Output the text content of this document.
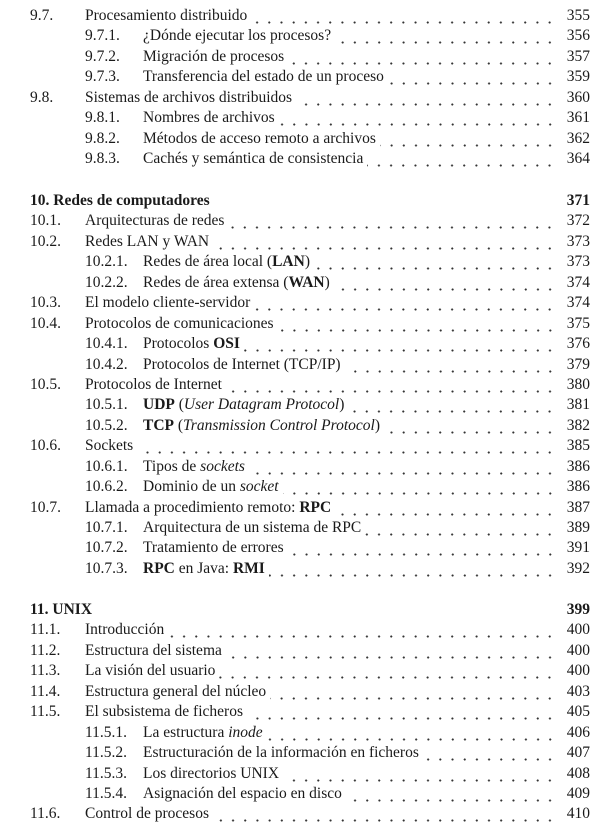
9.7. Procesamiento distribuido	355
9.7.1. ¿Dónde ejecutar los procesos?	356
9.7.2. Migración de procesos	357
9.7.3. Transferencia del estado de un proceso	359
9.8. Sistemas de archivos distribuidos	360
9.8.1. Nombres de archivos	361
9.8.2. Métodos de acceso remoto a archivos	362
9.8.3. Cachés y semántica de consistencia	364
10. Redes de computadores	371
10.1. Arquitecturas de redes	372
10.2. Redes LAN y WAN	373
10.2.1. Redes de área local (LAN)	373
10.2.2. Redes de área extensa (WAN)	374
10.3. El modelo cliente-servidor	374
10.4. Protocolos de comunicaciones	375
10.4.1. Protocolos OSI	376
10.4.2. Protocolos de Internet (TCP/IP)	379
10.5. Protocolos de Internet	380
10.5.1. UDP (User Datagram Protocol)	381
10.5.2. TCP (Transmission Control Protocol)	382
10.6. Sockets	385
10.6.1. Tipos de sockets	386
10.6.2. Dominio de un socket	386
10.7. Llamada a procedimiento remoto: RPC	387
10.7.1. Arquitectura de un sistema de RPC	389
10.7.2. Tratamiento de errores	391
10.7.3. RPC en Java: RMI	392
11. UNIX	399
11.1. Introducción	400
11.2. Estructura del sistema	400
11.3. La visión del usuario	400
11.4. Estructura general del núcleo	403
11.5. El subsistema de ficheros	405
11.5.1. La estructura inode	406
11.5.2. Estructuración de la información en ficheros	407
11.5.3. Los directorios UNIX	408
11.5.4. Asignación del espacio en disco	409
11.6. Control de procesos	410
